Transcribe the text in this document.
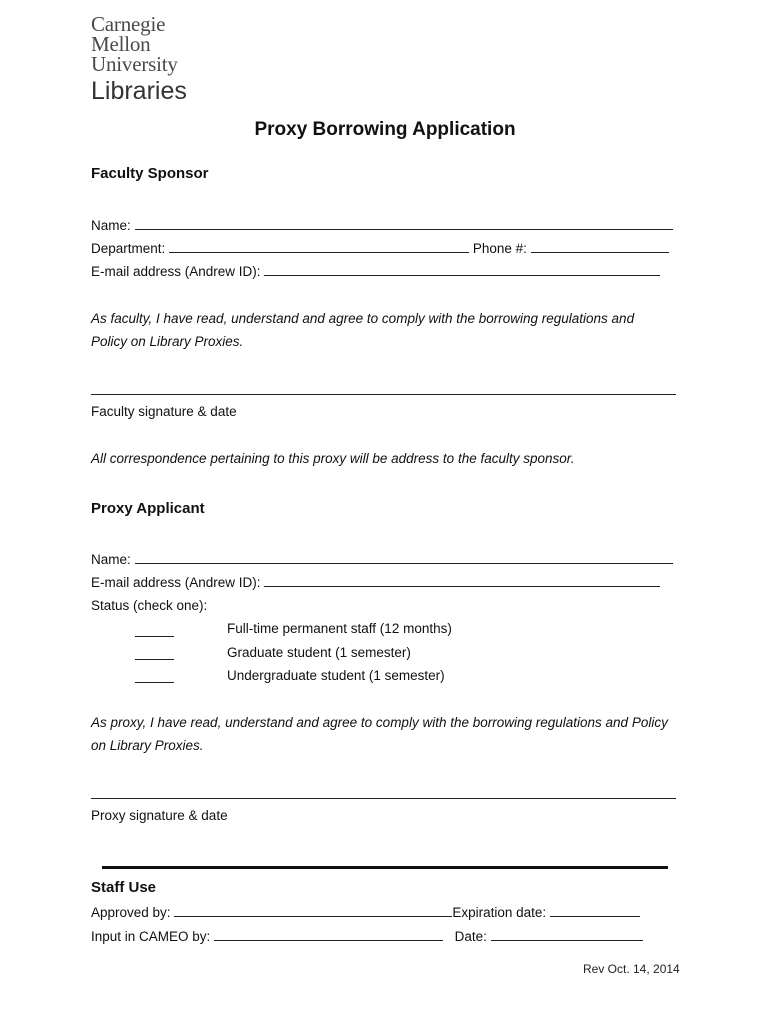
Carnegie
Mellon
University
Libraries
Proxy Borrowing Application
Faculty Sponsor
Name:
Department:	Phone #:
E-mail address (Andrew ID):
As faculty, I have read, understand and agree to comply with the borrowing regulations and
Policy on Library Proxies.
Faculty signature & date
All correspondence pertaining to this proxy will be address to the faculty sponsor.
Proxy Applicant
Name:
E-mail address (Andrew ID):
Status (check one):
Full-time permanent staff (12 months)
Graduate student (1 semester)
Undergraduate student (1 semester)
As proxy, I have read, understand and agree to comply with the borrowing regulations and Policy
on Library Proxies.
Proxy signature & date
Staff Use
Approved by:	Expiration date:
Input in CAMEO by:	Date:
Rev Oct. 14, 2014
